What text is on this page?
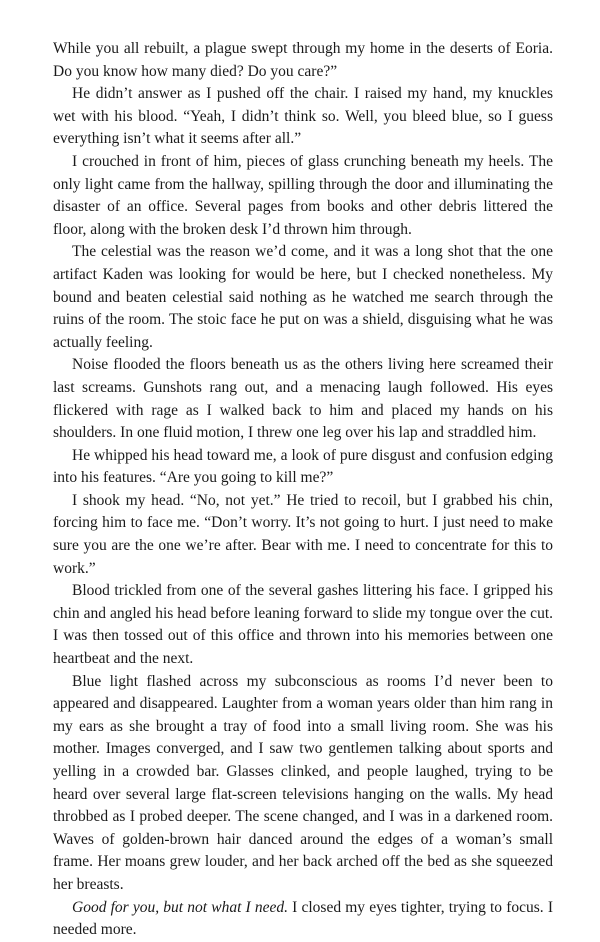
While you all rebuilt, a plague swept through my home in the deserts of Eoria. Do you know how many died? Do you care?”

He didn’t answer as I pushed off the chair. I raised my hand, my knuckles wet with his blood. “Yeah, I didn’t think so. Well, you bleed blue, so I guess everything isn’t what it seems after all.”

I crouched in front of him, pieces of glass crunching beneath my heels. The only light came from the hallway, spilling through the door and illuminating the disaster of an office. Several pages from books and other debris littered the floor, along with the broken desk I’d thrown him through.

The celestial was the reason we’d come, and it was a long shot that the one artifact Kaden was looking for would be here, but I checked nonetheless. My bound and beaten celestial said nothing as he watched me search through the ruins of the room. The stoic face he put on was a shield, disguising what he was actually feeling.

Noise flooded the floors beneath us as the others living here screamed their last screams. Gunshots rang out, and a menacing laugh followed. His eyes flickered with rage as I walked back to him and placed my hands on his shoulders. In one fluid motion, I threw one leg over his lap and straddled him.

He whipped his head toward me, a look of pure disgust and confusion edging into his features. “Are you going to kill me?”

I shook my head. “No, not yet.” He tried to recoil, but I grabbed his chin, forcing him to face me. “Don’t worry. It’s not going to hurt. I just need to make sure you are the one we’re after. Bear with me. I need to concentrate for this to work.”

Blood trickled from one of the several gashes littering his face. I gripped his chin and angled his head before leaning forward to slide my tongue over the cut. I was then tossed out of this office and thrown into his memories between one heartbeat and the next.

Blue light flashed across my subconscious as rooms I’d never been to appeared and disappeared. Laughter from a woman years older than him rang in my ears as she brought a tray of food into a small living room. She was his mother. Images converged, and I saw two gentlemen talking about sports and yelling in a crowded bar. Glasses clinked, and people laughed, trying to be heard over several large flat-screen televisions hanging on the walls. My head throbbed as I probed deeper. The scene changed, and I was in a darkened room. Waves of golden-brown hair danced around the edges of a woman’s small frame. Her moans grew louder, and her back arched off the bed as she squeezed her breasts.

Good for you, but not what I need. I closed my eyes tighter, trying to focus. I needed more.
